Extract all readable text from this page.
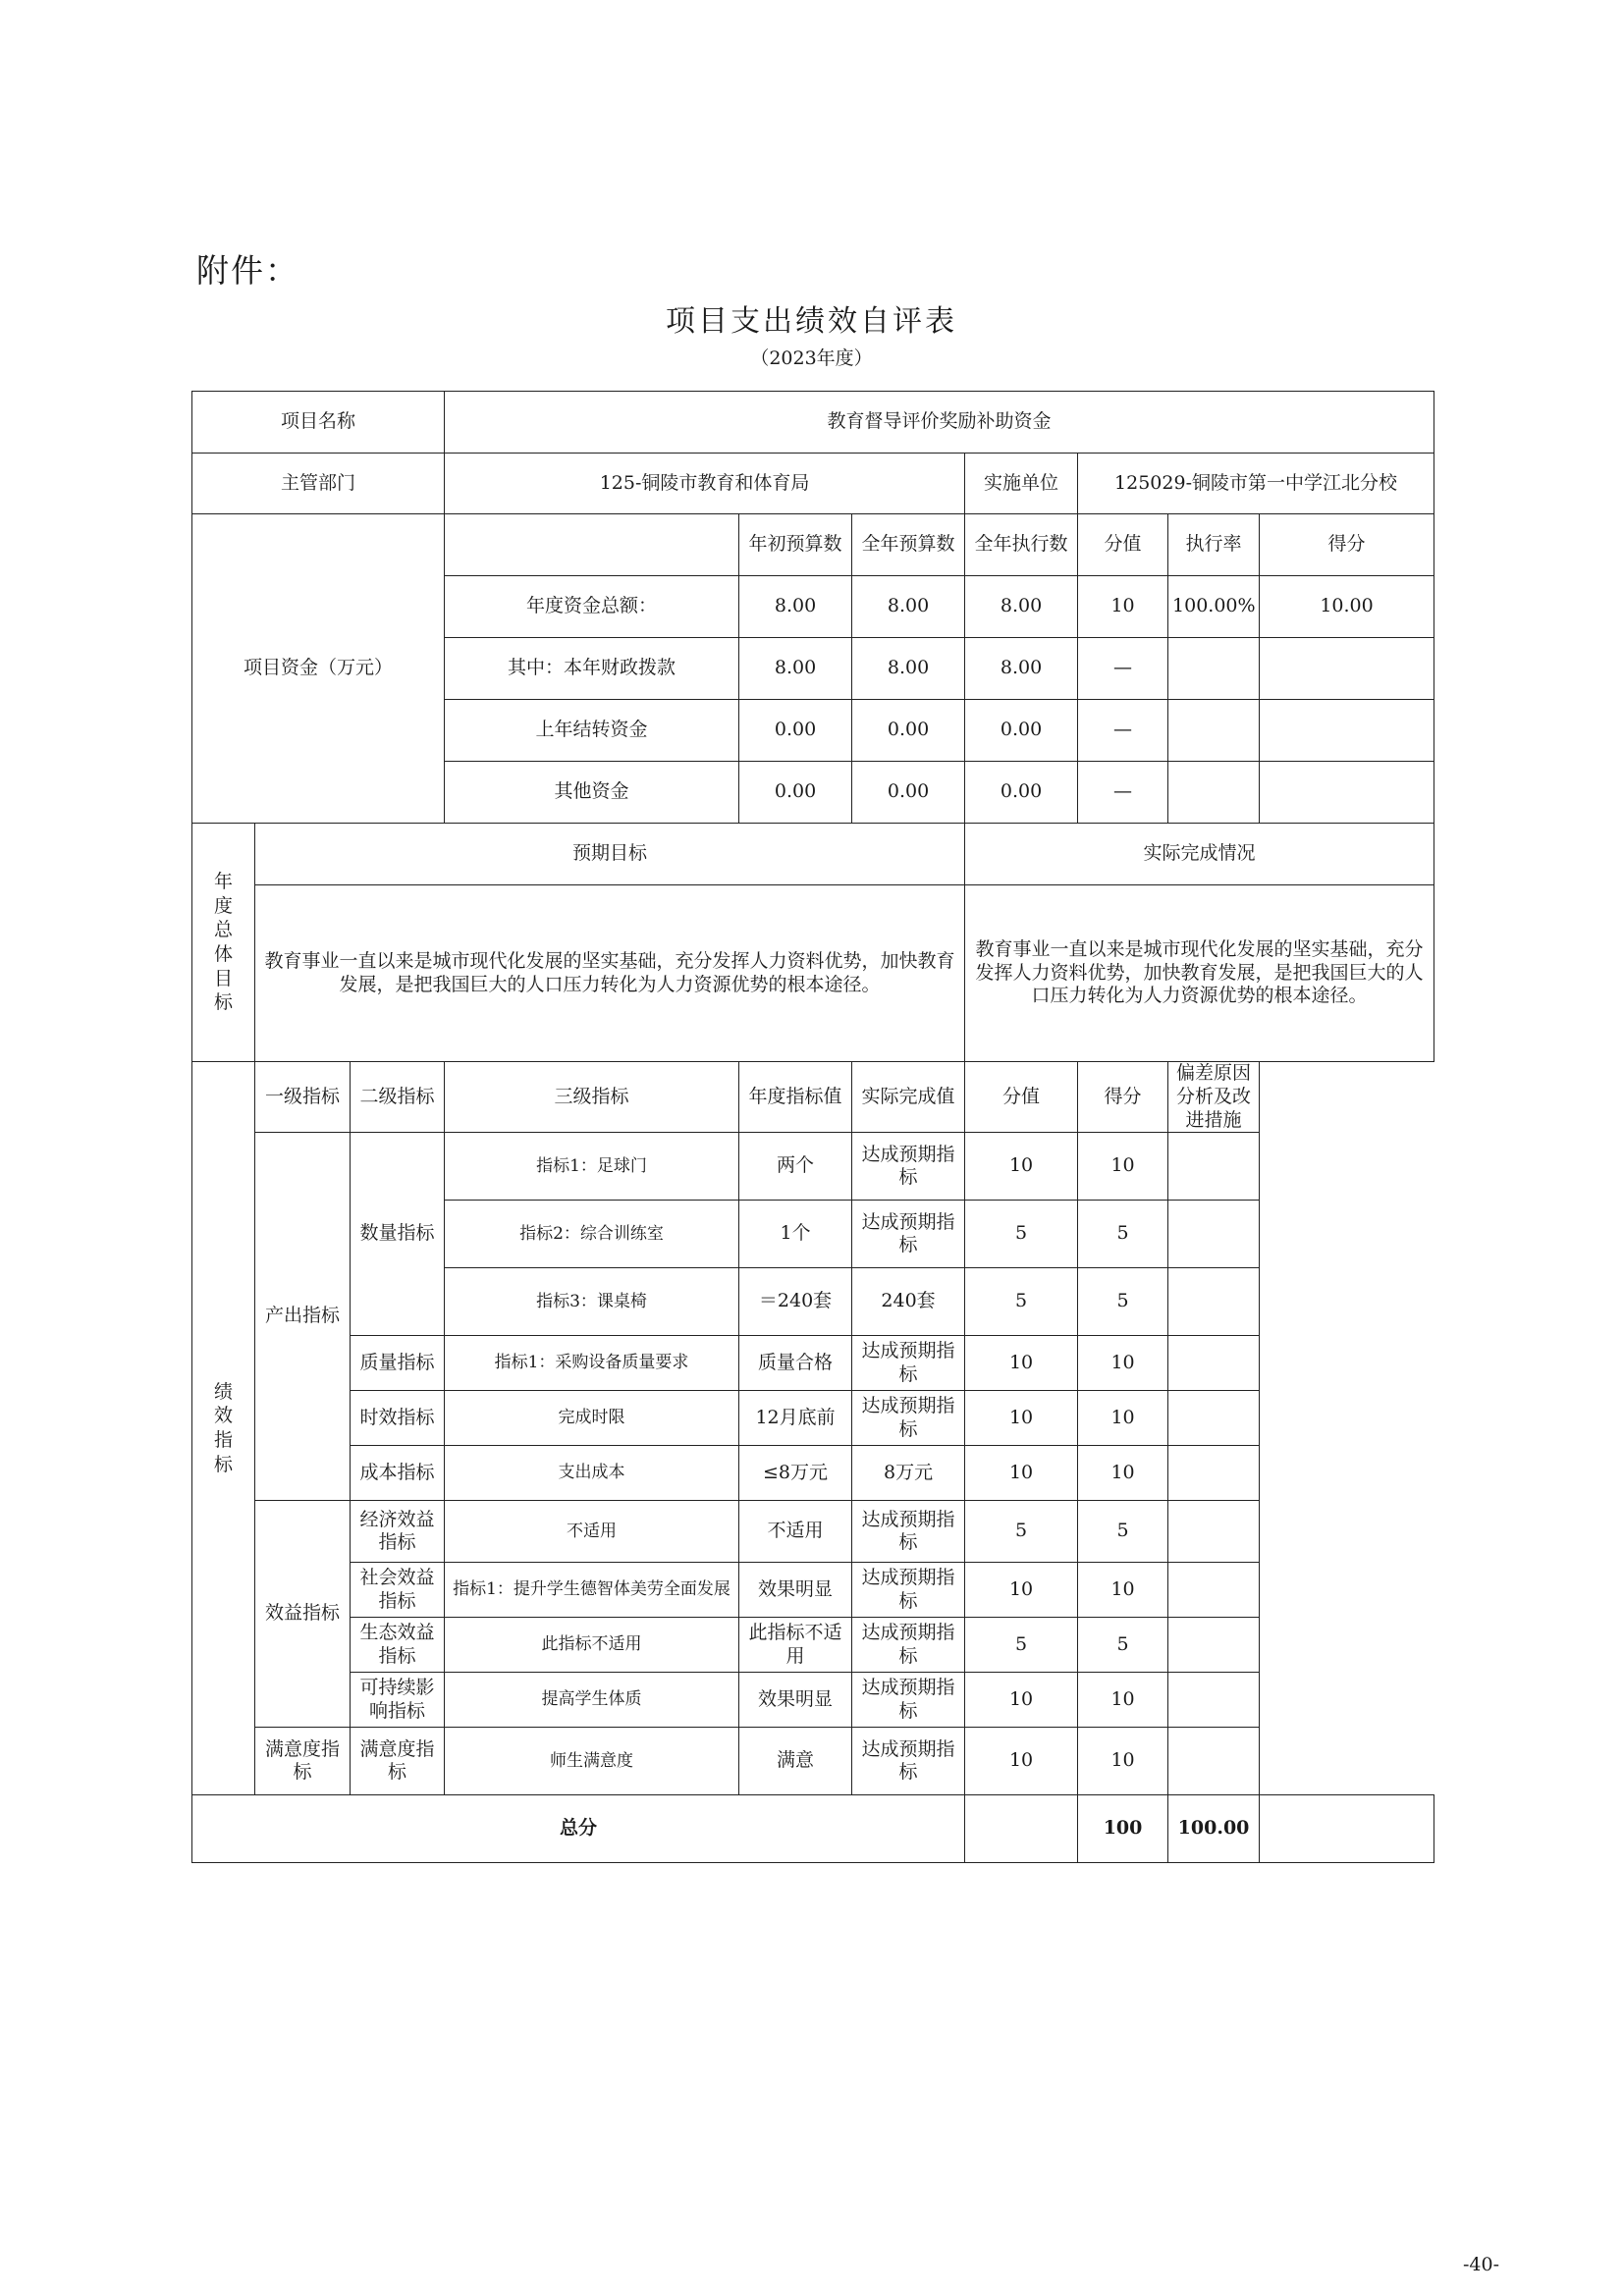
附件：
项目支出绩效自评表
（2023年度）
项目名称			教育督导评价奖励补助资金						
主管部门			125-铜陵市教育和体育局			实施单位	125029-铜陵市第一中学江北分校		
项目资金（万元）				年初预算数	全年预算数	全年执行数	分值	执行率	得分
			年度资金总额：	8.00	8.00	8.00	10	100.00%	10.00
			其中：本年财政拨款	8.00	8.00	8.00	—		
			上年结转资金	0.00	0.00	0.00	—		
			其他资金	0.00	0.00	0.00	—		
年度总体目标	预期目标					实际完成情况			
	教育事业一直以来是城市现代化发展的坚实基础，充分发挥人力资料优势，加快教育发展，是把我国巨大的人口压力转化为人力资源优势的根本途径。					教育事业一直以来是城市现代化发展的坚实基础，充分发挥人力资料优势，加快教育发展，是把我国巨大的人口压力转化为人力资源优势的根本途径。			
绩效指标	一级指标	二级指标	三级指标	年度指标值	实际完成值	分值	得分	偏差原因分析及改进措施	
	产出指标	数量指标	指标1：足球门	两个	达成预期指标	10	10		
			指标2：综合训练室	1个	达成预期指标	5	5		
			指标3：课桌椅	＝240套	240套	5	5		
		质量指标	指标1：采购设备质量要求	质量合格	达成预期指标	10	10		
		时效指标	完成时限	12月底前	达成预期指标	10	10		
		成本指标	支出成本	≤8万元	8万元	10	10		
	效益指标	经济效益指标	不适用	不适用	达成预期指标	5	5		
		社会效益指标	指标1：提升学生德智体美劳全面发展	效果明显	达成预期指标	10	10		
		生态效益指标	此指标不适用	此指标不适用	达成预期指标	5	5		
		可持续影响指标	提高学生体质	效果明显	达成预期指标	10	10		
	满意度指标	满意度指标	师生满意度	满意	达成预期指标	10	10		
总分							100	100.00	
-40-
